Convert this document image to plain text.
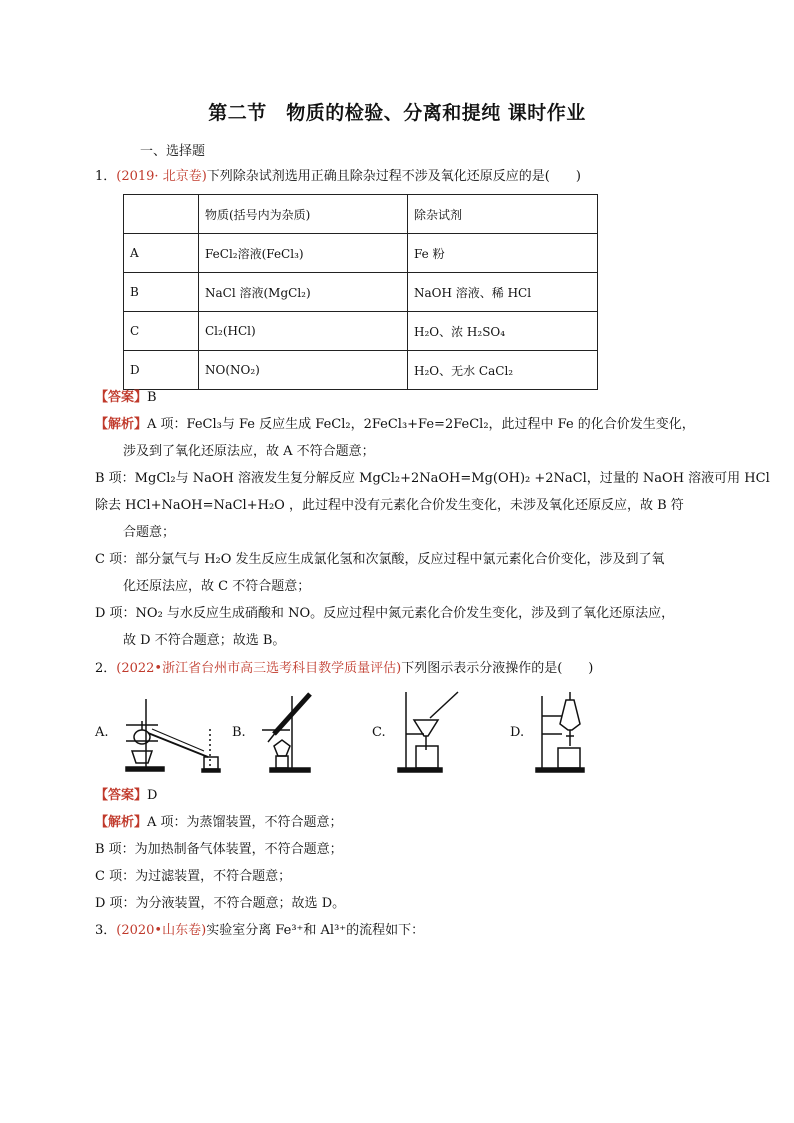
第二节　物质的检验、分离和提纯 课时作业
一、选择题
1．(2019· 北京卷)下列除杂试剂选用正确且除杂过程不涉及氧化还原反应的是(　　)
	物质(括号内为杂质)	除杂试剂
A	FeCl₂溶液(FeCl₃)	Fe 粉
B	NaCl 溶液(MgCl₂)	NaOH 溶液、稀 HCl
C	Cl₂(HCl)	H₂O、浓 H₂SO₄
D	NO(NO₂)	H₂O、无水 CaCl₂
【答案】B
【解析】A 项：FeCl₃与 Fe 反应生成 FeCl₂，2FeCl₃+Fe=2FeCl₂，此过程中 Fe 的化合价发生变化，
涉及到了氧化还原法应，故 A 不符合题意；
B 项：MgCl₂与 NaOH 溶液发生复分解反应 MgCl₂+2NaOH=Mg(OH)₂ +2NaCl，过量的 NaOH 溶液可用 HCl
除去 HCl+NaOH=NaCl+H₂O ，此过程中没有元素化合价发生变化，未涉及氧化还原反应，故 B 符
合题意；
C 项：部分氯气与 H₂O 发生反应生成氯化氢和次氯酸，反应过程中氯元素化合价变化，涉及到了氧
化还原法应，故 C 不符合题意；
D 项：NO₂ 与水反应生成硝酸和 NO。反应过程中氮元素化合价发生变化，涉及到了氧化还原法应，
故 D 不符合题意；故选 B。
2．(2022•浙江省台州市高三选考科目教学质量评估)下列图示表示分液操作的是(　　)
A.	B.	C.	D.
【答案】D
【解析】A 项：为蒸馏装置，不符合题意；
B 项：为加热制备气体装置，不符合题意；
C 项：为过滤装置，不符合题意；
D 项：为分液装置，不符合题意；故选 D。
3．(2020•山东卷)实验室分离 Fe³⁺和 Al³⁺的流程如下：
